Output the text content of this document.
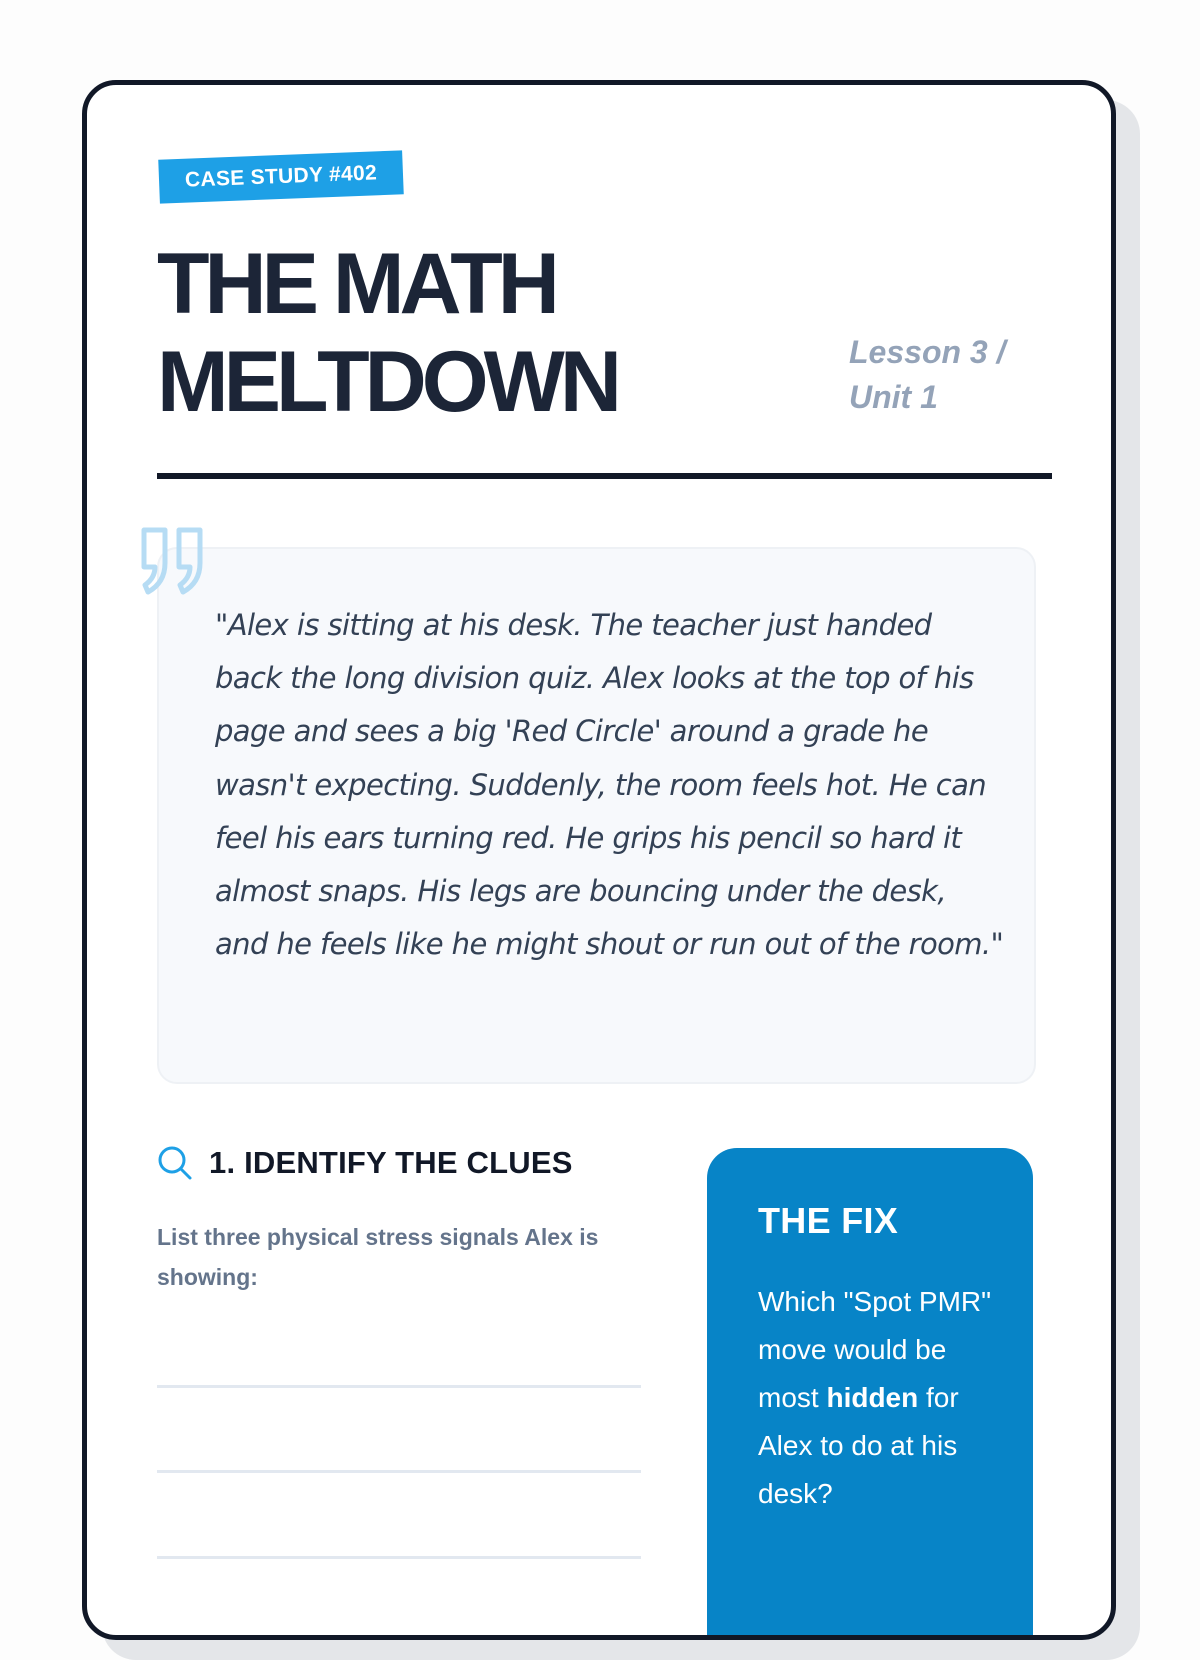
CASE STUDY #402
THE MATH
MELTDOWN	Lesson 3 /
Unit 1
"Alex is sitting at his desk. The teacher just handed back the long division quiz. Alex looks at the top of his page and sees a big 'Red Circle' around a grade he wasn't expecting. Suddenly, the room feels hot. He can feel his ears turning red. He grips his pencil so hard it almost snaps. His legs are bouncing under the desk, and he feels like he might shout or run out of the room."
1. IDENTIFY THE CLUES
List three physical stress signals Alex is showing:
THE FIX
Which "Spot PMR" move would be most hidden for Alex to do at his desk?
